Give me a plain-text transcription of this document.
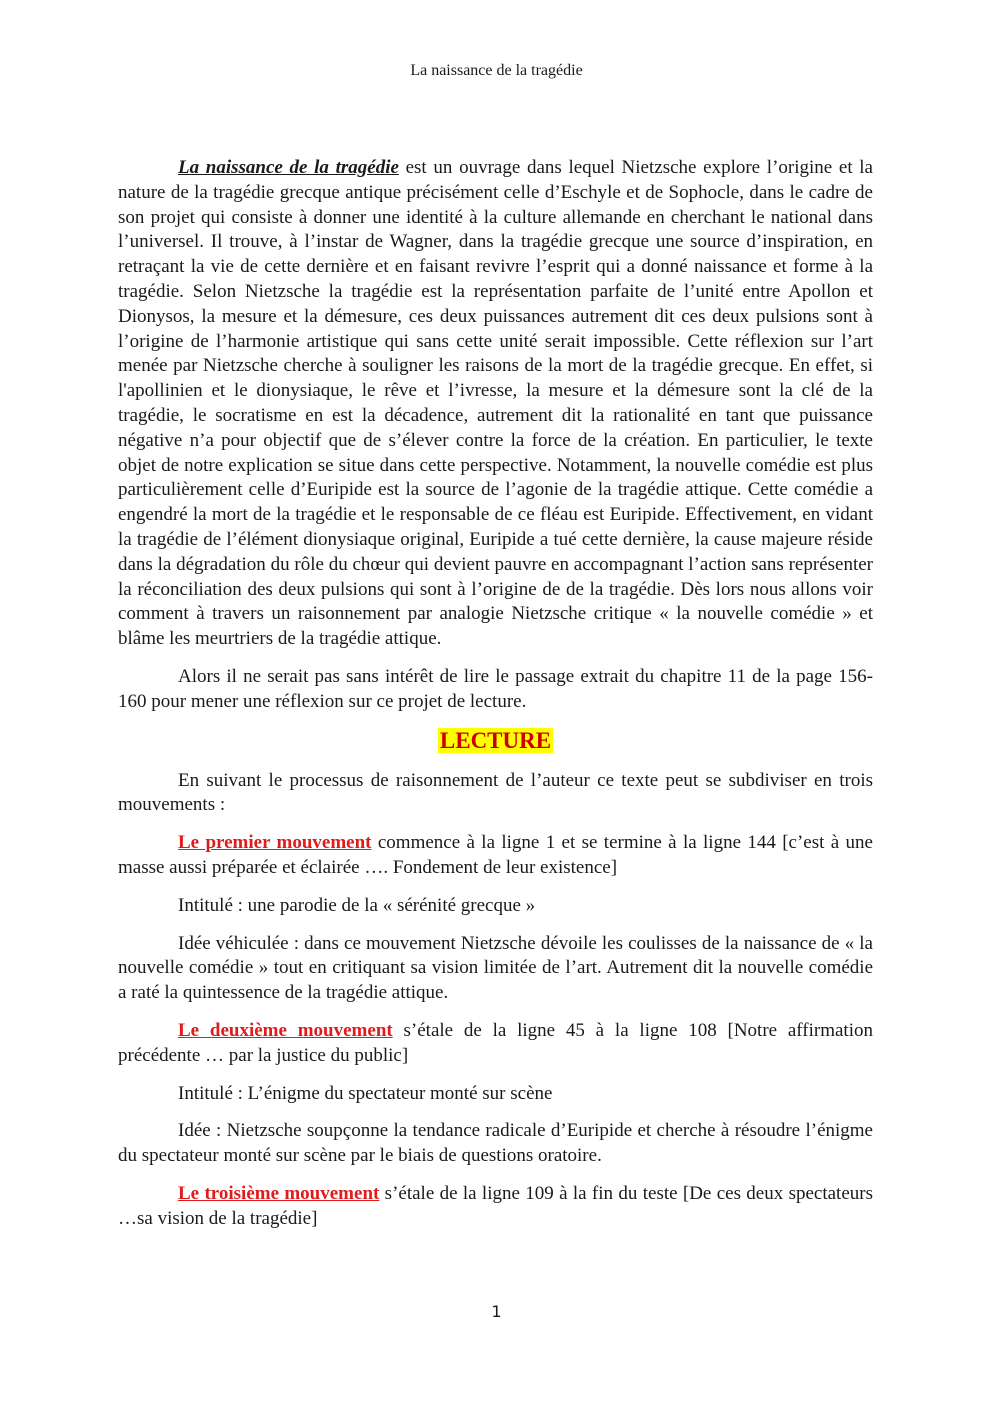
La naissance de la tragédie

La naissance de la tragédie est un ouvrage dans lequel Nietzsche explore l’origine et la nature de la tragédie grecque antique précisément celle d’Eschyle et de Sophocle, dans le cadre de son projet qui consiste à donner une identité à la culture allemande en cherchant le national dans l’universel. Il trouve, à l’instar de Wagner, dans la tragédie grecque une source d’inspiration, en retraçant la vie de cette dernière et en faisant revivre l’esprit qui a donné naissance et forme à la tragédie. Selon Nietzsche la tragédie est la représentation parfaite de l’unité entre Apollon et Dionysos, la mesure et la démesure, ces deux puissances autrement dit ces deux pulsions sont à l’origine de l’harmonie artistique qui sans cette unité serait impossible. Cette réflexion sur l’art menée par Nietzsche cherche à souligner les raisons de la mort de la tragédie grecque. En effet, si l'apollinien et le dionysiaque, le rêve et l’ivresse, la mesure et la démesure sont la clé de la tragédie, le socratisme en est la décadence, autrement dit la rationalité en tant que puissance négative n’a pour objectif que de s’élever contre la force de la création. En particulier, le texte objet de notre explication se situe dans cette perspective. Notamment, la nouvelle comédie est plus particulièrement celle d’Euripide est la source de l’agonie de la tragédie attique. Cette comédie a engendré la mort de la tragédie et le responsable de ce fléau est Euripide. Effectivement, en vidant la tragédie de l’élément dionysiaque original, Euripide a tué cette dernière, la cause majeure réside dans la dégradation du rôle du chœur qui devient pauvre en accompagnant l’action sans représenter la réconciliation des deux pulsions qui sont à l’origine de de la tragédie. Dès lors nous allons voir comment à travers un raisonnement par analogie Nietzsche critique « la nouvelle comédie » et blâme les meurtriers de la tragédie attique.

Alors il ne serait pas sans intérêt de lire le passage extrait du chapitre 11 de la page 156-160 pour mener une réflexion sur ce projet de lecture.

LECTURE

En suivant le processus de raisonnement de l’auteur ce texte peut se subdiviser en trois mouvements :

Le premier mouvement commence à la ligne 1 et se termine à la ligne 144 [c’est à une masse aussi préparée et éclairée …. Fondement de leur existence]

Intitulé : une parodie de la « sérénité grecque »

Idée véhiculée : dans ce mouvement Nietzsche dévoile les coulisses de la naissance de « la nouvelle comédie » tout en critiquant sa vision limitée de l’art. Autrement dit la nouvelle comédie a raté la quintessence de la tragédie attique.

Le deuxième mouvement s’étale de la ligne 45 à la ligne 108 [Notre affirmation précédente … par la justice du public]

Intitulé : L’énigme du spectateur monté sur scène

Idée : Nietzsche soupçonne la tendance radicale d’Euripide et cherche à résoudre l’énigme du spectateur monté sur scène par le biais de questions oratoire.

Le troisième mouvement s’étale de la ligne 109 à la fin du teste [De ces deux spectateurs …sa vision de la tragédie]

1
